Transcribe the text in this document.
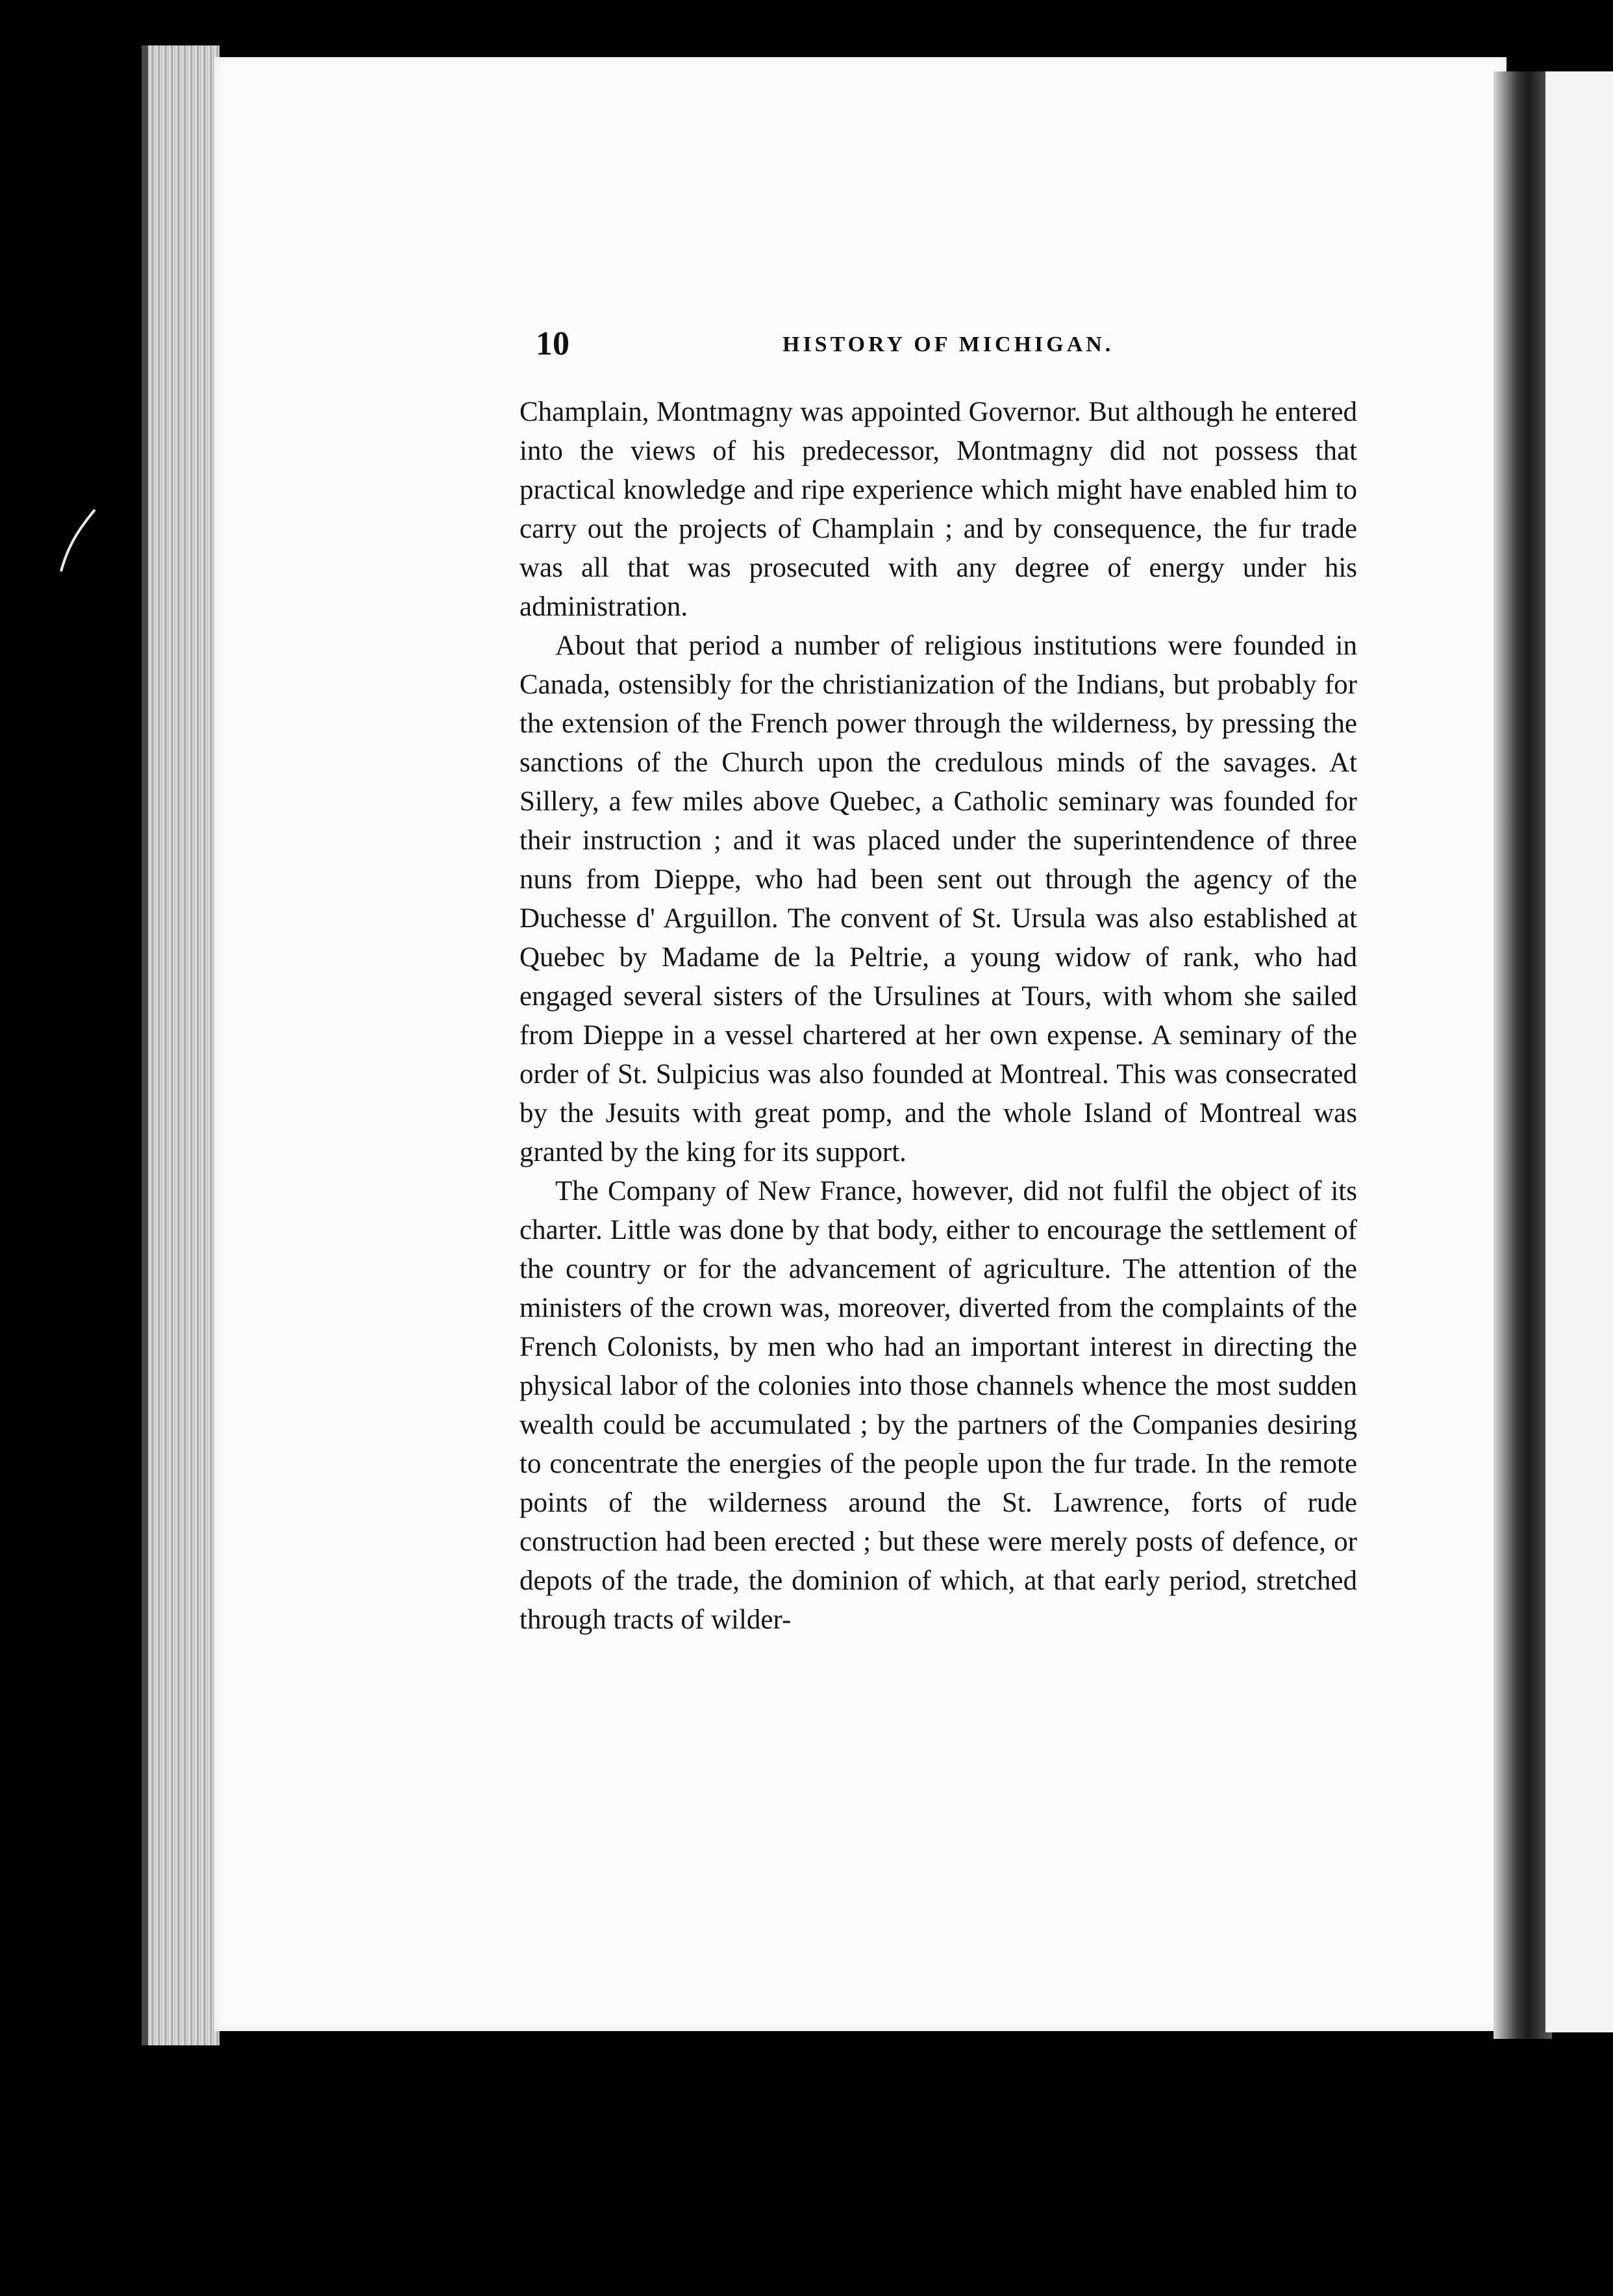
10	HISTORY OF MICHIGAN.

Champlain, Montmagny was appointed Governor. But although he entered into the views of his predecessor, Montmagny did not possess that practical knowledge and ripe experience which might have enabled him to carry out the projects of Champlain ; and by consequence, the fur trade was all that was prosecuted with any degree of energy under his administration.

About that period a number of religious institutions were founded in Canada, ostensibly for the christianization of the Indians, but probably for the extension of the French power through the wilderness, by pressing the sanctions of the Church upon the credulous minds of the savages. At Sillery, a few miles above Quebec, a Catholic seminary was founded for their instruction ; and it was placed under the superintendence of three nuns from Dieppe, who had been sent out through the agency of the Duchesse d' Arguillon. The convent of St. Ursula was also established at Quebec by Madame de la Peltrie, a young widow of rank, who had engaged several sisters of the Ursulines at Tours, with whom she sailed from Dieppe in a vessel chartered at her own expense. A seminary of the order of St. Sulpicius was also founded at Montreal. This was consecrated by the Jesuits with great pomp, and the whole Island of Montreal was granted by the king for its support.

The Company of New France, however, did not fulfil the object of its charter. Little was done by that body, either to encourage the settlement of the country or for the advancement of agriculture. The attention of the ministers of the crown was, moreover, diverted from the complaints of the French Colonists, by men who had an important interest in directing the physical labor of the colonies into those channels whence the most sudden wealth could be accumulated ; by the partners of the Companies desiring to concentrate the energies of the people upon the fur trade. In the remote points of the wilderness around the St. Lawrence, forts of rude construction had been erected ; but these were merely posts of defence, or depots of the trade, the dominion of which, at that early period, stretched through tracts of wilder-
